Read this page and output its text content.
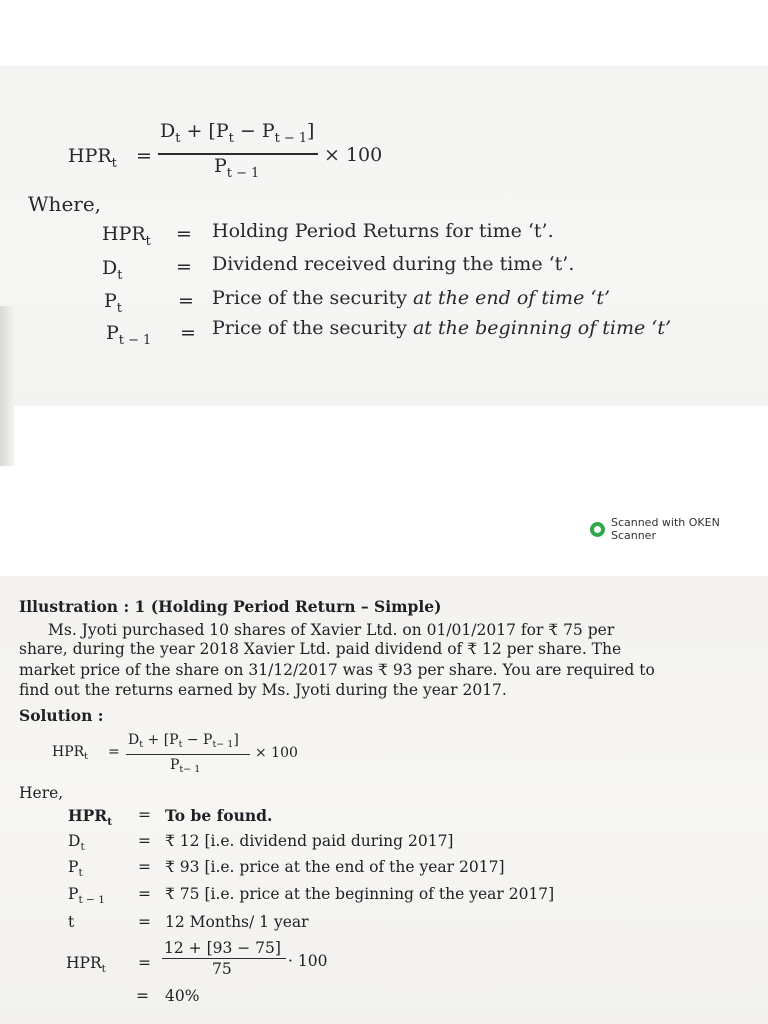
$HPR_t$ =
$D_t + [P_t - P_{t - 1}]$
$P_{t - 1}$
× 100
Where,
$HPR_t$ = Holding Period Returns for time ‘t’.
$D_t$	= Dividend received during the time ‘t’.
$P_t$	= Price of the security at the end of time ‘t’
$P_{t - 1}$ = Price of the security at the beginning of time ‘t’
Scanned with OKEN Scanner
Illustration : 1 (Holding Period Return – Simple)
Ms. Jyoti purchased 10 shares of Xavier Ltd. on 01/01/2017 for ₹ 75 per
share, during the year 2018 Xavier Ltd. paid dividend of ₹ 12 per share. The
market price of the share on 31/12/2017 was ₹ 93 per share. You are required to
find out the returns earned by Ms. Jyoti during the year 2017.
Solution :
$HPR_t$ =
$D_t + [P_t - P_{t- 1}]$
$P_{t- 1}$
× 100
Here,
$HPR_t = To$ be found.
$D_t$	= ₹ 12 [i.e. dividend paid during 2017]
$P_t$	= ₹ 93 [i.e. price at the end of the year 2017]
$P_{t - 1}$ = ₹ 75 [i.e. price at the beginning of the year 2017]
t	= 12 Months/ 1 year
$HPR_t$ =
12 + [93 − 75]
75	· 100
= 40%
